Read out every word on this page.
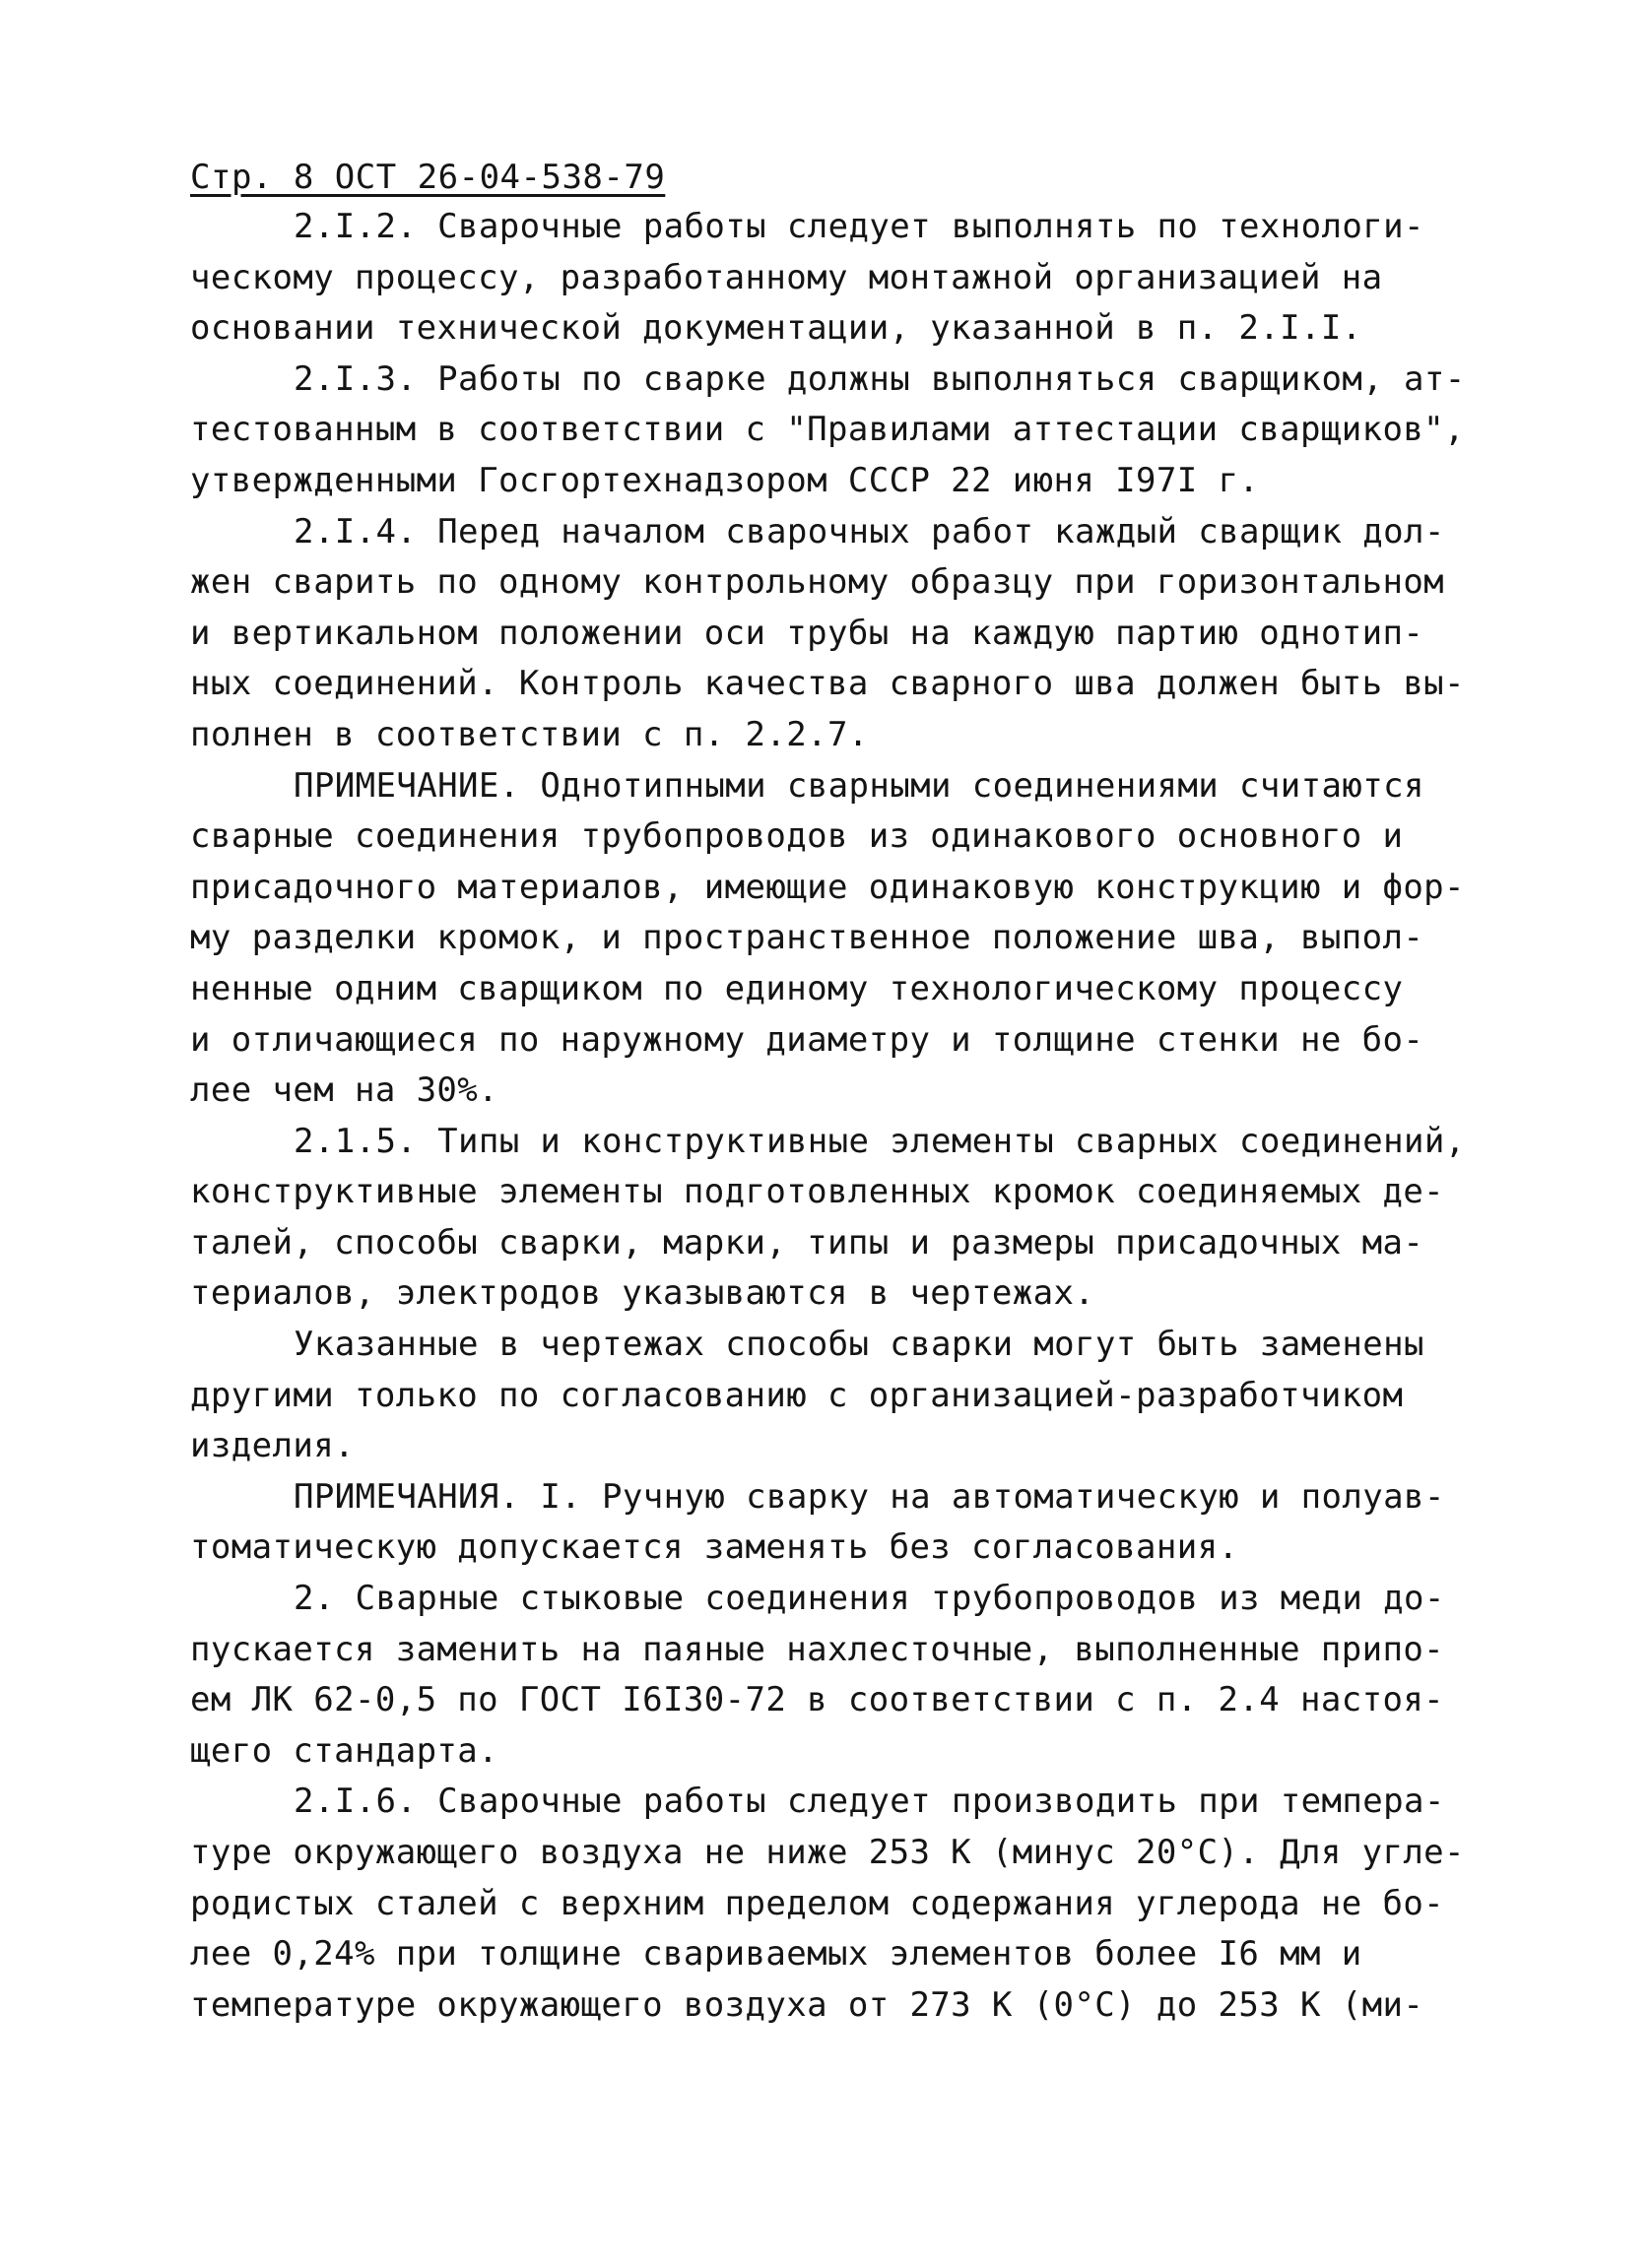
Стр. 8 ОСТ 26-04-538-79
2.I.2. Сварочные работы следует выполнять по технологи-
ческому процессу, разработанному монтажной организацией на
основании технической документации, указанной в п. 2.I.I.
2.I.3. Работы по сварке должны выполняться сварщиком, ат-
тестованным в соответствии с "Правилами аттестации сварщиков",
утвержденными Госгортехнадзором СССР 22 июня I97I г.
2.I.4. Перед началом сварочных работ каждый сварщик дол-
жен сварить по одному контрольному образцу при горизонтальном
и вертикальном положении оси трубы на каждую партию однотип-
ных соединений. Контроль качества сварного шва должен быть вы-
полнен в соответствии с п. 2.2.7.
ПРИМЕЧАНИЕ. Однотипными сварными соединениями считаются
сварные соединения трубопроводов из одинакового основного и
присадочного материалов, имеющие одинаковую конструкцию и фор-
му разделки кромок, и пространственное положение шва, выпол-
ненные одним сварщиком по единому технологическому процессу
и отличающиеся по наружному диаметру и толщине стенки не бо-
лее чем на 30%.
2.1.5. Типы и конструктивные элементы сварных соединений,
конструктивные элементы подготовленных кромок соединяемых де-
талей, способы сварки, марки, типы и размеры присадочных ма-
териалов, электродов указываются в чертежах.
Указанные в чертежах способы сварки могут быть заменены
другими только по согласованию с организацией-разработчиком
изделия.
ПРИМЕЧАНИЯ. I. Ручную сварку на автоматическую и полуав-
томатическую допускается заменять без согласования.
2. Сварные стыковые соединения трубопроводов из меди до-
пускается заменить на паяные нахлесточные, выполненные припо-
ем ЛК 62-0,5 по ГОСТ I6I30-72 в соответствии с п. 2.4 настоя-
щего стандарта.
2.I.6. Сварочные работы следует производить при темпера-
туре окружающего воздуха не ниже 253 К (минус 20°С). Для угле-
родистых сталей с верхним пределом содержания углерода не бо-
лее 0,24% при толщине свариваемых элементов более I6 мм и
температуре окружающего воздуха от 273 К (0°С) до 253 К (ми-
